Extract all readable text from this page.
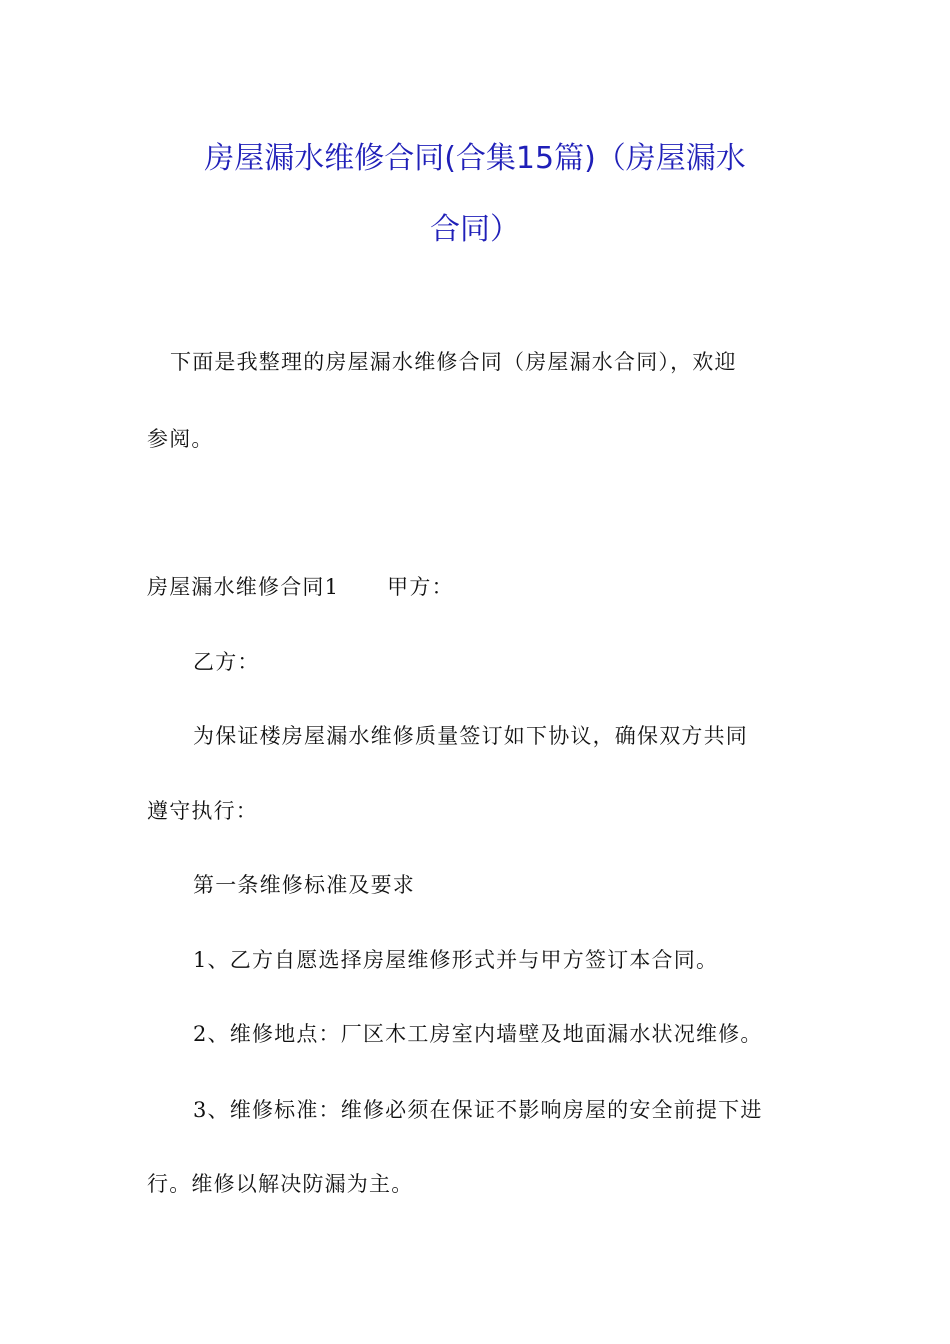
房屋漏水维修合同(合集15篇)（房屋漏水
合同）
下面是我整理的房屋漏水维修合同（房屋漏水合同），欢迎
参阅。
房屋漏水维修合同1 甲方：
乙方：
为保证楼房屋漏水维修质量签订如下协议，确保双方共同
遵守执行：
第一条维修标准及要求
1、乙方自愿选择房屋维修形式并与甲方签订本合同。
2、维修地点：厂区木工房室内墙壁及地面漏水状况维修。
3、维修标准：维修必须在保证不影响房屋的安全前提下进
行。维修以解决防漏为主。
